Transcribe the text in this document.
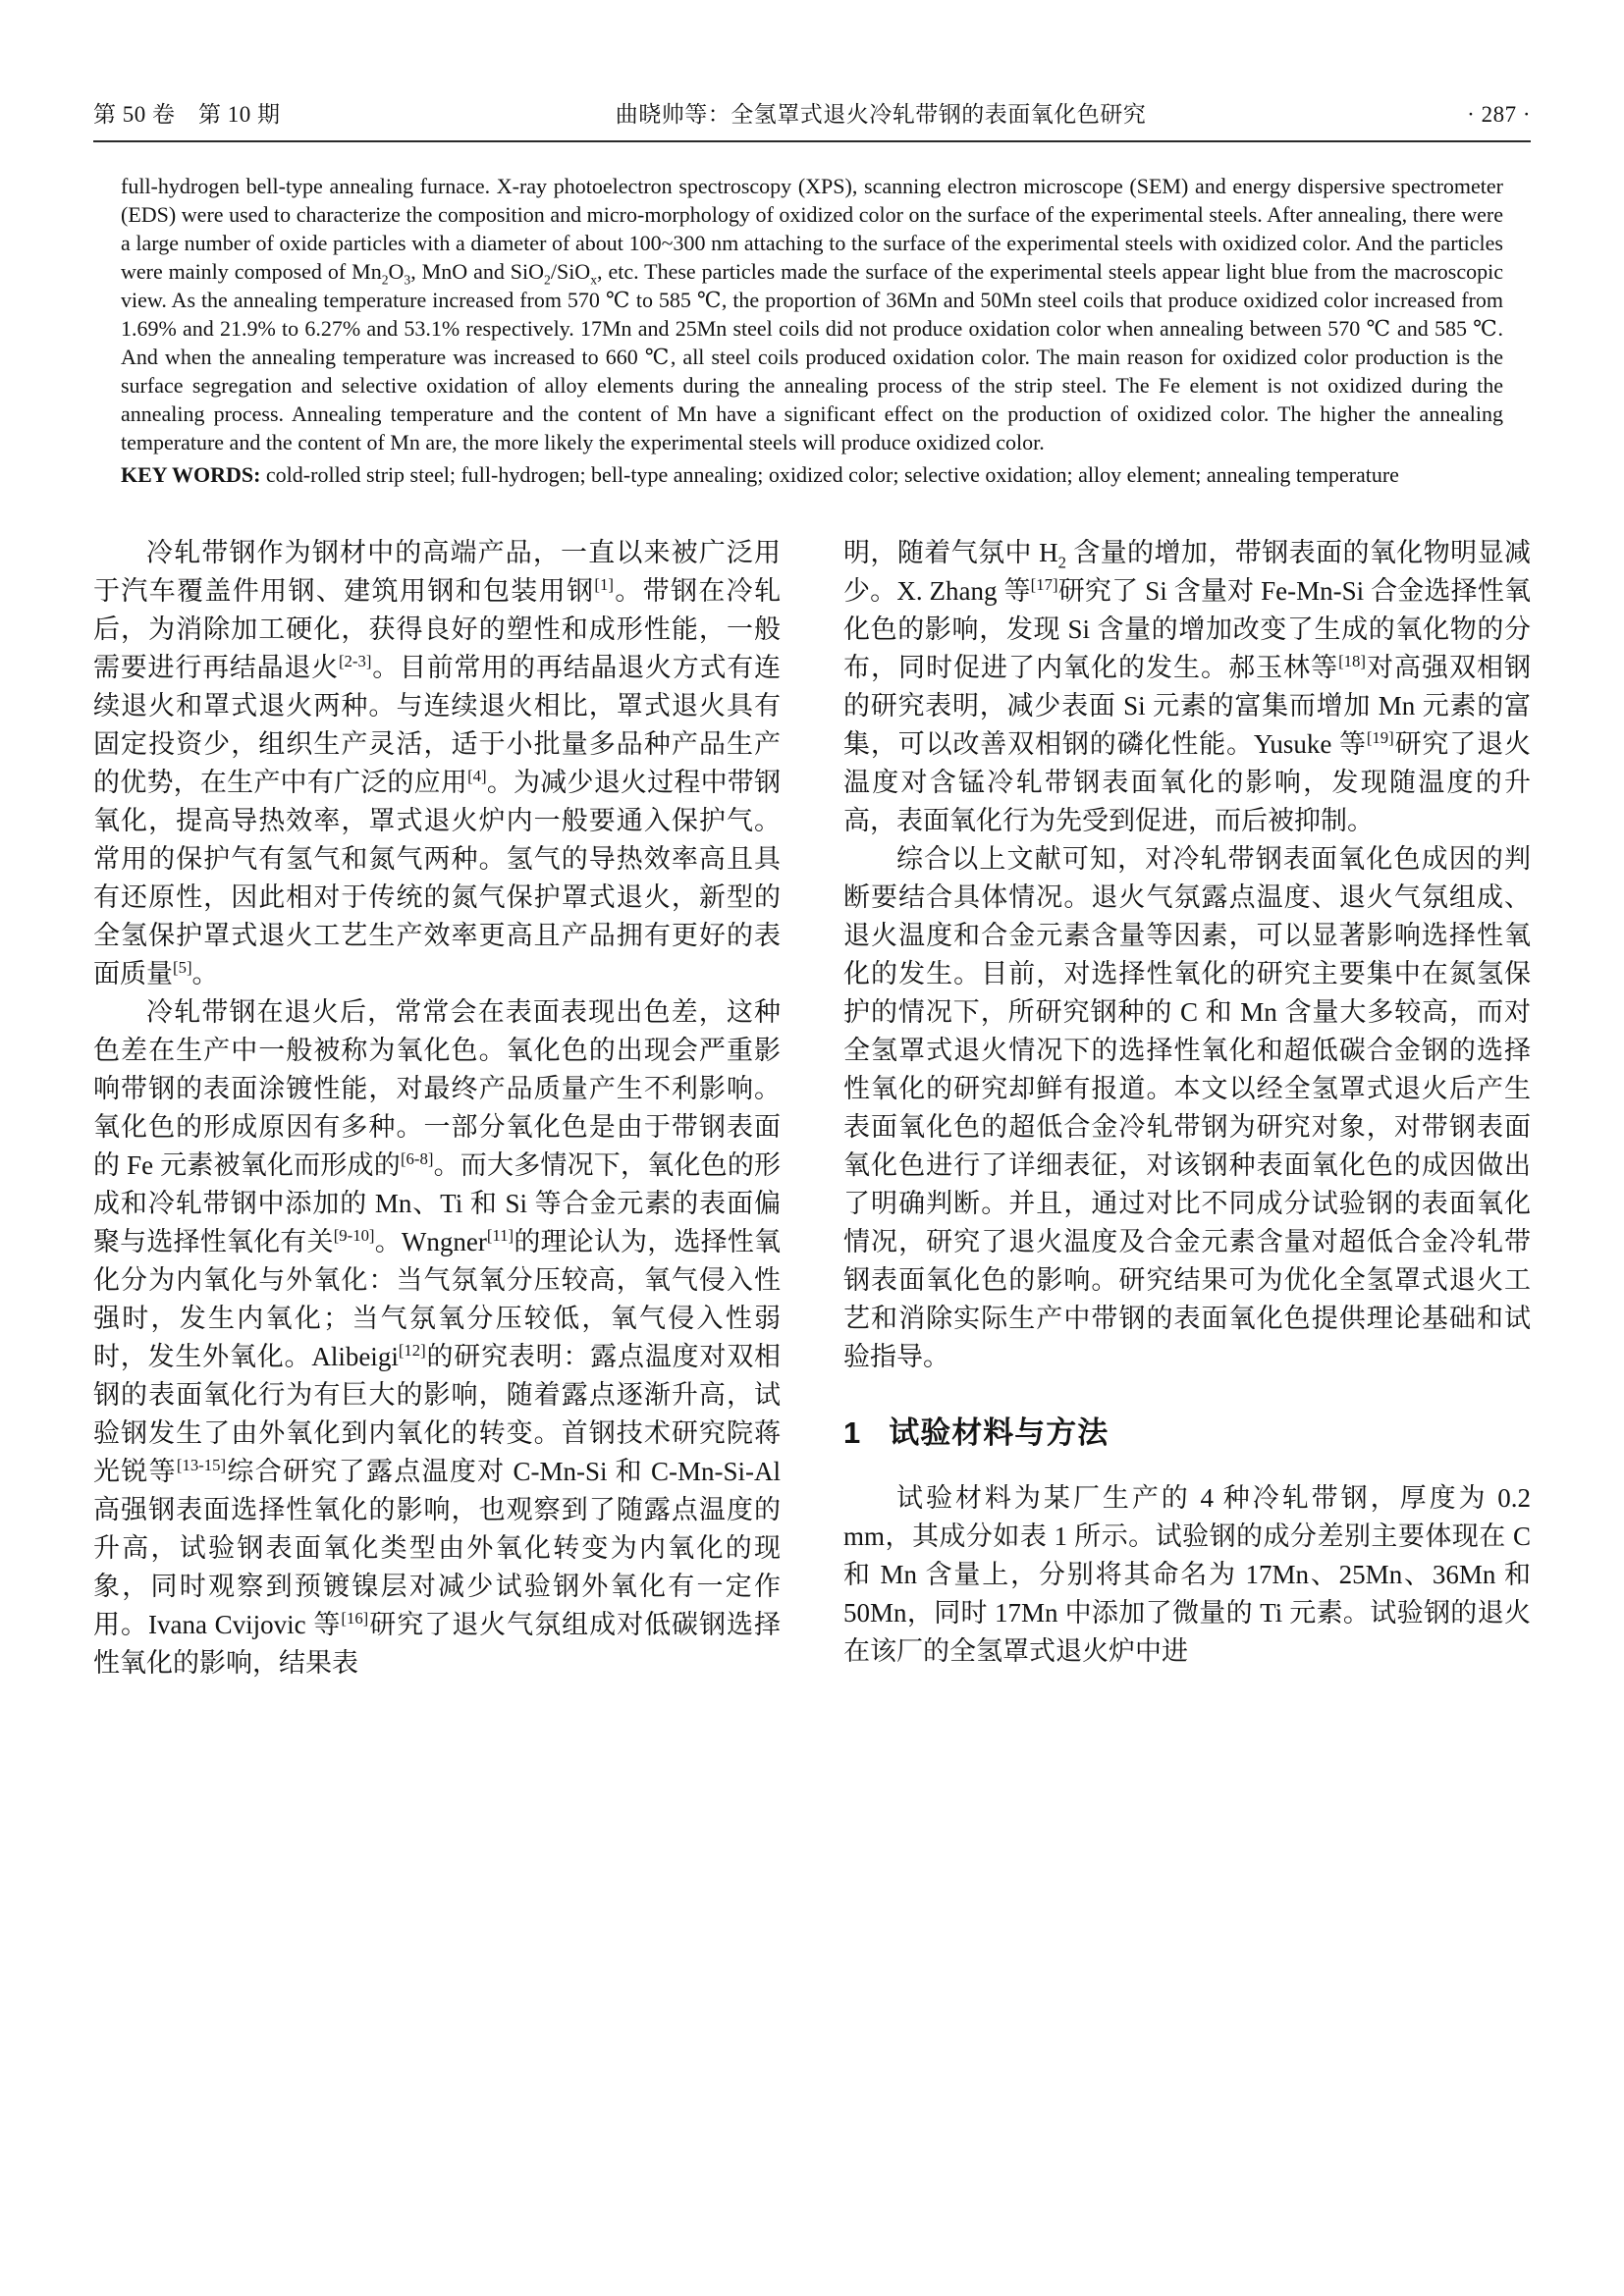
第 50 卷　第 10 期	曲晓帅等：全氢罩式退火冷轧带钢的表面氧化色研究	· 287 ·

full-hydrogen bell-type annealing furnace. X-ray photoelectron spectroscopy (XPS), scanning electron microscope (SEM) and energy dispersive spectrometer (EDS) were used to characterize the composition and micro-morphology of oxidized color on the surface of the experimental steels. After annealing, there were a large number of oxide particles with a diameter of about 100~300 nm attaching to the surface of the experimental steels with oxidized color. And the particles were mainly composed of $Mn_2O_3$, MnO and SiO$_2$/SiO$_x$, etc. These particles made the surface of the experimental steels appear light blue from the macroscopic view. As the annealing temperature increased from 570 ℃ to 585 ℃, the proportion of 36Mn and 50Mn steel coils that produce oxidized color increased from 1.69% and 21.9% to 6.27% and 53.1% respectively. 17Mn and 25Mn steel coils did not produce oxidation color when annealing between 570 ℃ and 585 ℃. And when the annealing temperature was increased to 660 ℃, all steel coils produced oxidation color. The main reason for oxidized color production is the surface segregation and selective oxidation of alloy elements during the annealing process of the strip steel. The Fe element is not oxidized during the annealing process. Annealing temperature and the content of Mn have a significant effect on the production of oxidized color. The higher the annealing temperature and the content of Mn are, the more likely the experimental steels will produce oxidized color.

KEY WORDS: cold-rolled strip steel; full-hydrogen; bell-type annealing; oxidized color; selective oxidation; alloy element; annealing temperature

冷轧带钢作为钢材中的高端产品，一直以来被广泛用于汽车覆盖件用钢、建筑用钢和包装用钢[1]。带钢在冷轧后，为消除加工硬化，获得良好的塑性和成形性能，一般需要进行再结晶退火[2-3]。目前常用的再结晶退火方式有连续退火和罩式退火两种。与连续退火相比，罩式退火具有固定投资少，组织生产灵活，适于小批量多品种产品生产的优势，在生产中有广泛的应用[4]。为减少退火过程中带钢氧化，提高导热效率，罩式退火炉内一般要通入保护气。常用的保护气有氢气和氮气两种。氢气的导热效率高且具有还原性，因此相对于传统的氮气保护罩式退火，新型的全氢保护罩式退火工艺生产效率更高且产品拥有更好的表面质量[5]。

冷轧带钢在退火后，常常会在表面表现出色差，这种色差在生产中一般被称为氧化色。氧化色的出现会严重影响带钢的表面涂镀性能，对最终产品质量产生不利影响。氧化色的形成原因有多种。一部分氧化色是由于带钢表面的 Fe 元素被氧化而形成的[6-8]。而大多情况下，氧化色的形成和冷轧带钢中添加的 Mn、Ti 和 Si 等合金元素的表面偏聚与选择性氧化有关[9-10]。Wngner[11]的理论认为，选择性氧化分为内氧化与外氧化：当气氛氧分压较高，氧气侵入性强时，发生内氧化；当气氛氧分压较低，氧气侵入性弱时，发生外氧化。Alibeigi[12]的研究表明：露点温度对双相钢的表面氧化行为有巨大的影响，随着露点逐渐升高，试验钢发生了由外氧化到内氧化的转变。首钢技术研究院蒋光锐等[13-15]综合研究了露点温度对 C-Mn-Si 和 C-Mn-Si-Al 高强钢表面选择性氧化的影响，也观察到了随露点温度的升高，试验钢表面氧化类型由外氧化转变为内氧化的现象，同时观察到预镀镍层对减少试验钢外氧化有一定作用。Ivana Cvijovic 等[16]研究了退火气氛组成对低碳钢选择性氧化的影响，结果表

明，随着气氛中 $H_2$ 含量的增加，带钢表面的氧化物明显减少。X. Zhang 等[17]研究了 Si 含量对 Fe-Mn-Si 合金选择性氧化色的影响，发现 Si 含量的增加改变了生成的氧化物的分布，同时促进了内氧化的发生。郝玉林等[18]对高强双相钢的研究表明，减少表面 Si 元素的富集而增加 Mn 元素的富集，可以改善双相钢的磷化性能。Yusuke 等[19]研究了退火温度对含锰冷轧带钢表面氧化的影响，发现随温度的升高，表面氧化行为先受到促进，而后被抑制。

综合以上文献可知，对冷轧带钢表面氧化色成因的判断要结合具体情况。退火气氛露点温度、退火气氛组成、退火温度和合金元素含量等因素，可以显著影响选择性氧化的发生。目前，对选择性氧化的研究主要集中在氮氢保护的情况下，所研究钢种的 C 和 Mn 含量大多较高，而对全氢罩式退火情况下的选择性氧化和超低碳合金钢的选择性氧化的研究却鲜有报道。本文以经全氢罩式退火后产生表面氧化色的超低合金冷轧带钢为研究对象，对带钢表面氧化色进行了详细表征，对该钢种表面氧化色的成因做出了明确判断。并且，通过对比不同成分试验钢的表面氧化情况，研究了退火温度及合金元素含量对超低合金冷轧带钢表面氧化色的影响。研究结果可为优化全氢罩式退火工艺和消除实际生产中带钢的表面氧化色提供理论基础和试验指导。

1 试验材料与方法

试验材料为某厂生产的 4 种冷轧带钢，厚度为 0.2 mm，其成分如表 1 所示。试验钢的成分差别主要体现在 C 和 Mn 含量上，分别将其命名为 17Mn、25Mn、36Mn 和 50Mn，同时 17Mn 中添加了微量的 Ti 元素。试验钢的退火在该厂的全氢罩式退火炉中进
